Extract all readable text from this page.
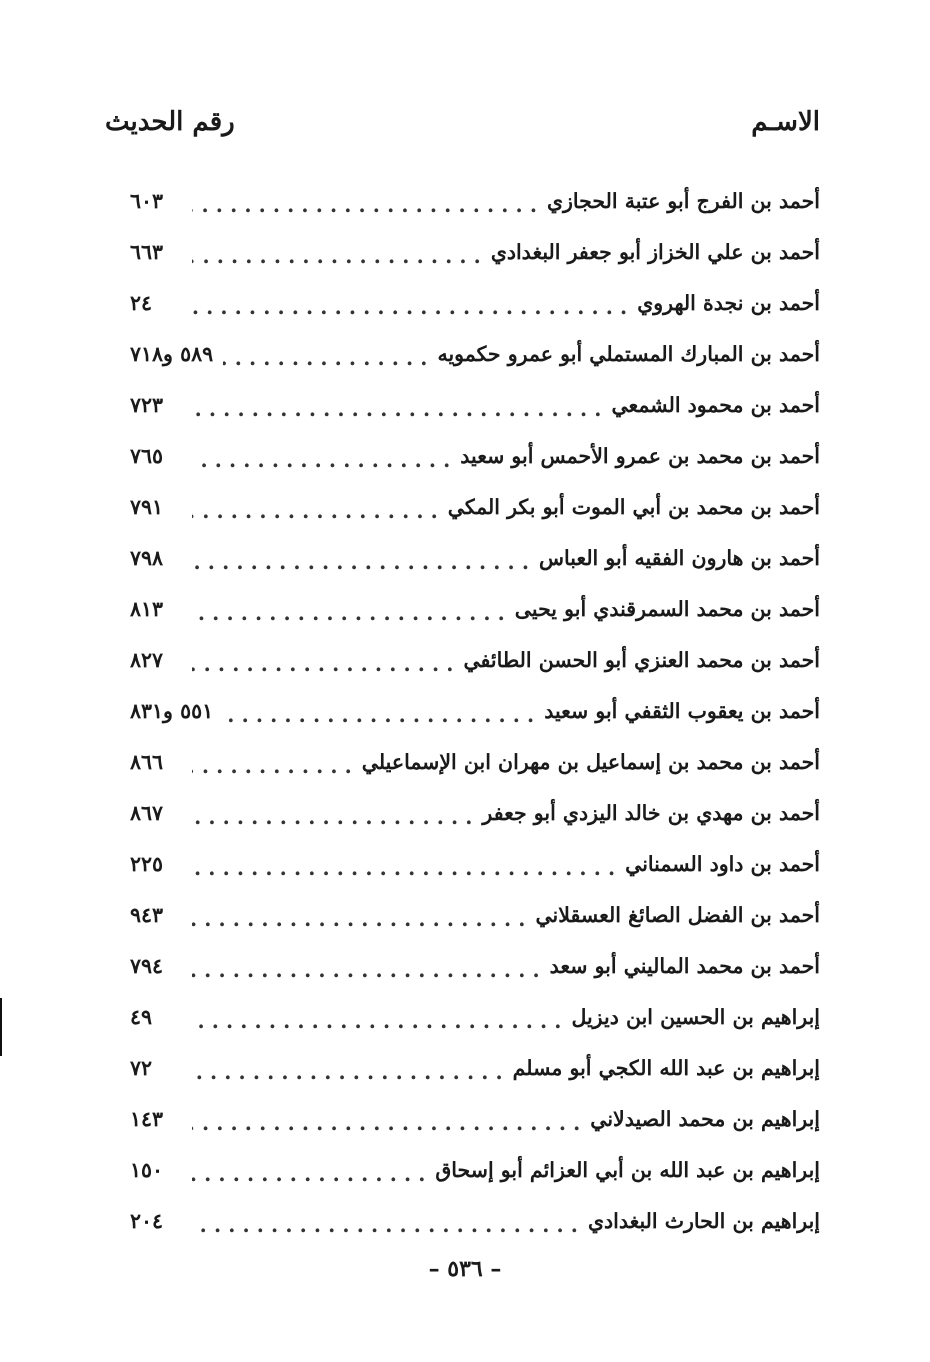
الاسـم
رقم الحديث
أحمد بن الفرج أبو عتبة الحجازي
. . .
٦٠٣
أحمد بن علي الخزاز أبو جعفر البغدادي
. . .
٦٦٣
أحمد بن نجدة الهروي
. . .
٢٤
أحمد بن المبارك المستملي أبو عمرو حكمويه
. . .
٥٨٩ و٧١٨
أحمد بن محمود الشمعي
. . .
٧٢٣
أحمد بن محمد بن عمرو الأحمس أبو سعيد
. . .
٧٦٥
أحمد بن محمد بن أبي الموت أبو بكر المكي
. . .
٧٩١
أحمد بن هارون الفقيه أبو العباس
. . .
٧٩٨
أحمد بن محمد السمرقندي أبو يحيى
. . .
٨١٣
أحمد بن محمد العنزي أبو الحسن الطائفي
. . .
٨٢٧
أحمد بن يعقوب الثقفي أبو سعيد
. . .
٥٥١ و٨٣١
أحمد بن محمد بن إسماعيل بن مهران ابن الإسماعيلي
. . .
٨٦٦
أحمد بن مهدي بن خالد اليزدي أبو جعفر
. . .
٨٦٧
أحمد بن داود السمناني
. . .
٢٢٥
أحمد بن الفضل الصائغ العسقلاني
. . .
٩٤٣
أحمد بن محمد المالیني أبو سعد
. . .
٧٩٤
إبراهيم بن الحسين ابن ديزيل
. . .
٤٩
إبراهيم بن عبد الله الكجي أبو مسلم
. . .
٧٢
إبراهيم بن محمد الصيدلاني
. . .
١٤٣
إبراهيم بن عبد الله بن أبي العزائم أبو إسحاق
. . .
١٥٠
إبراهيم بن الحارث البغدادي
. . .
٢٠٤
– ٥٣٦ –
